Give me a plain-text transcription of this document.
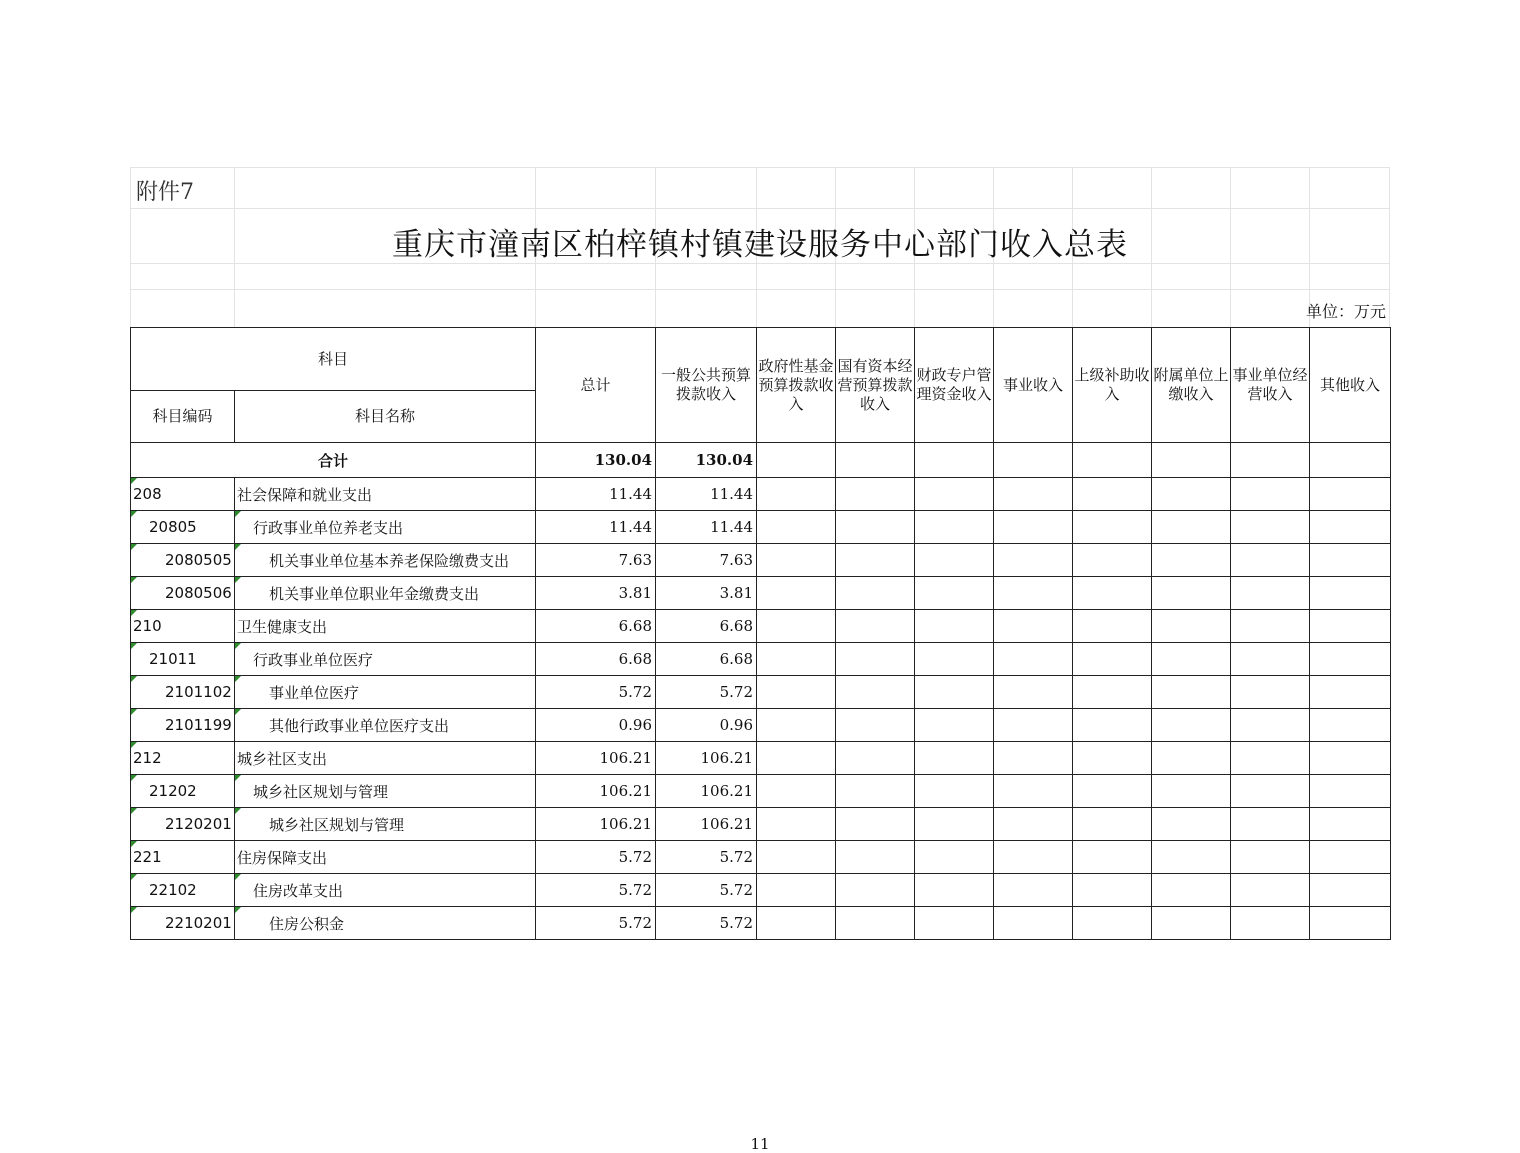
附件7
重庆市潼南区柏梓镇村镇建设服务中心部门收入总表
单位：万元
科目		总计	一般公共预算拨款收入	政府性基金预算拨款收入	国有资本经营预算拨款收入	财政专户管理资金收入	事业收入	上级补助收入	附属单位上缴收入	事业单位经营收入	其他收入
科目编码	科目名称										
合计		130.04	130.04								

208	社会保障和就业支出	11.44	11.44								

20805	行政事业单位养老支出	11.44	11.44								

2080505	机关事业单位基本养老保险缴费支出	7.63	7.63								

2080506	机关事业单位职业年金缴费支出	3.81	3.81								

210	卫生健康支出	6.68	6.68								

21011	行政事业单位医疗	6.68	6.68								

2101102	事业单位医疗	5.72	5.72								

2101199	其他行政事业单位医疗支出	0.96	0.96								

212	城乡社区支出	106.21	106.21								

21202	城乡社区规划与管理	106.21	106.21								

2120201	城乡社区规划与管理	106.21	106.21								

221	住房保障支出	5.72	5.72								

22102	住房改革支出	5.72	5.72								

2210201	住房公积金	5.72	5.72								
11
